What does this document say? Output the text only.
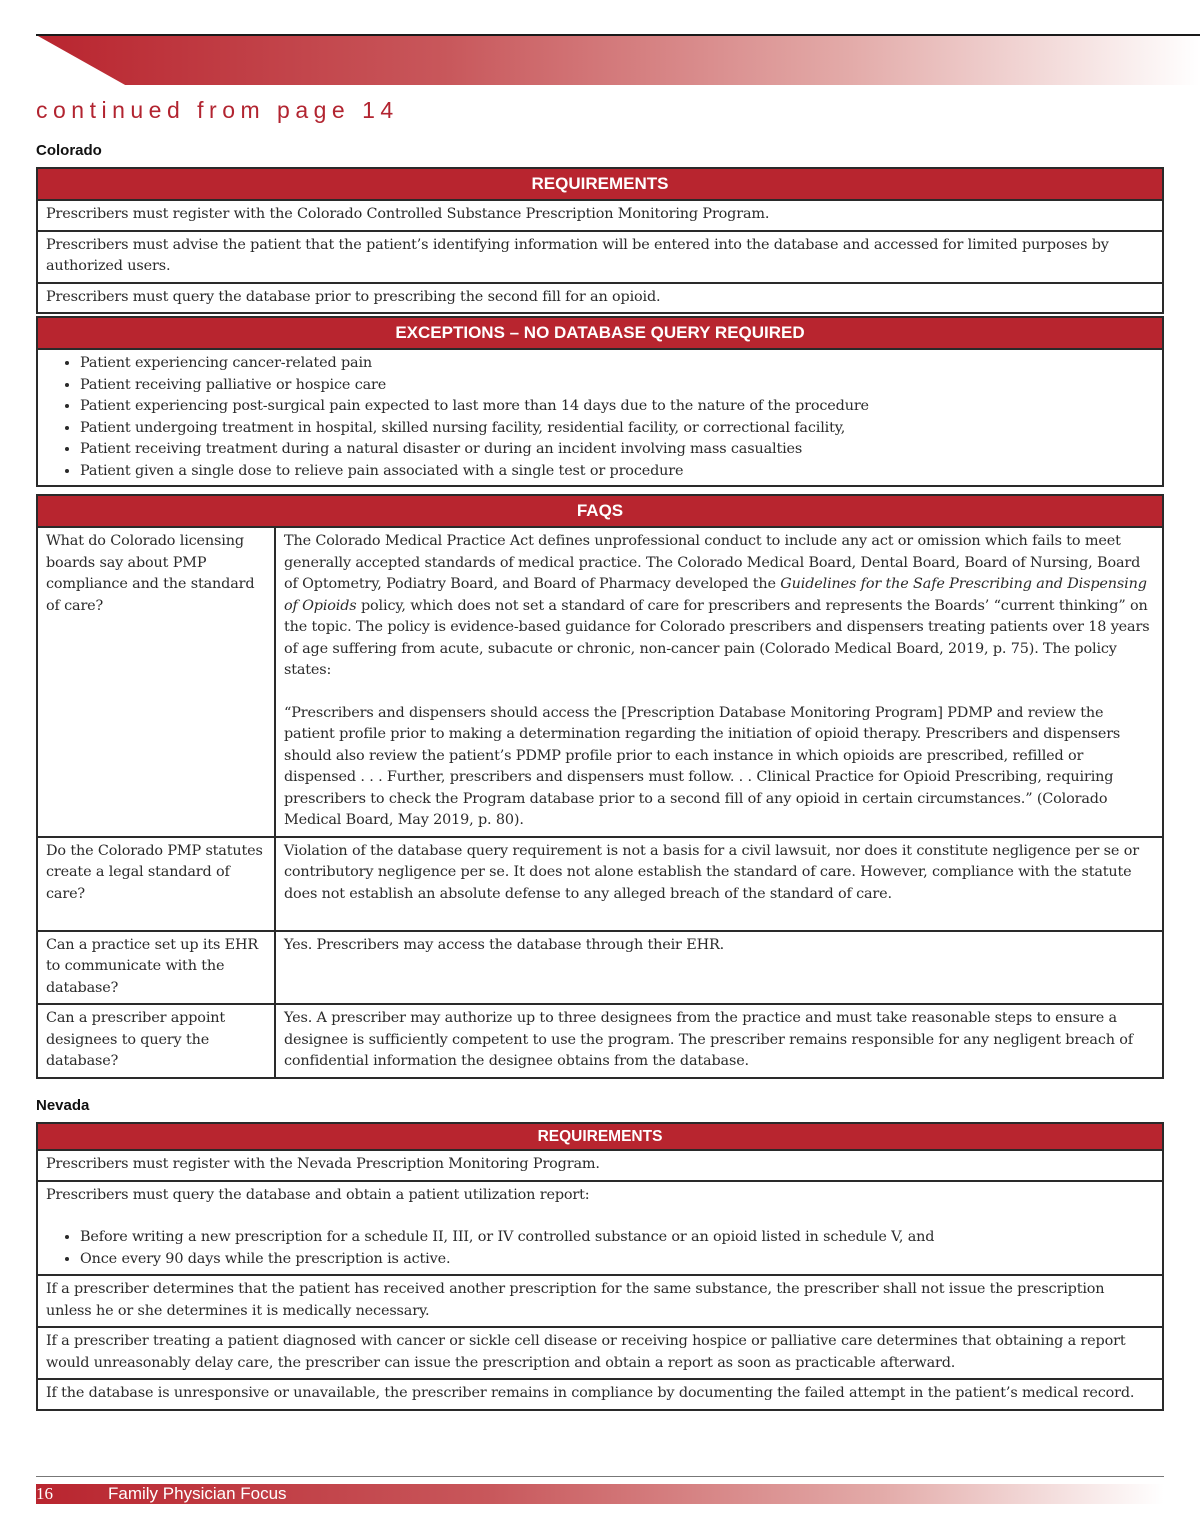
continued from page 14
Colorado
REQUIREMENTS
Prescribers must register with the Colorado Controlled Substance Prescription Monitoring Program.
Prescribers must advise the patient that the patient’s identifying information will be entered into the database and accessed for limited purposes by authorized users.
Prescribers must query the database prior to prescribing the second fill for an opioid.
EXCEPTIONS – NO DATABASE QUERY REQUIRED

• Patient experiencing cancer-related pain
• Patient receiving palliative or hospice care
• Patient experiencing post-surgical pain expected to last more than 14 days due to the nature of the procedure
• Patient undergoing treatment in hospital, skilled nursing facility, residential facility, or correctional facility,
• Patient receiving treatment during a natural disaster or during an incident involving mass casualties
• Patient given a single dose to relieve pain associated with a single test or procedure
FAQS	
What do Colorado licensing boards say about PMP compliance and the standard of care?	The Colorado Medical Practice Act defines unprofessional conduct to include any act or omission which fails to meet generally accepted standards of medical practice. The Colorado Medical Board, Dental Board, Board of Nursing, Board of Optometry, Podiatry Board, and Board of Pharmacy developed the Guidelines for the Safe Prescribing and Dispensing of Opioids policy, which does not set a standard of care for prescribers and represents the Boards’ “current thinking” on the topic. The policy is evidence-based guidance for Colorado prescribers and dispensers treating patients over 18 years of age suffering from acute, subacute or chronic, non-cancer pain (Colorado Medical Board, 2019, p. 75). The policy states:
“Prescribers and dispensers should access the [Prescription Database Monitoring Program] PDMP and review the patient profile prior to making a determination regarding the initiation of opioid therapy. Prescribers and dispensers should also review the patient’s PDMP profile prior to each instance in which opioids are prescribed, refilled or dispensed . . . Further, prescribers and dispensers must follow. . . Clinical Practice for Opioid Prescribing, requiring prescribers to check the Program database prior to a second fill of any opioid in certain circumstances.” (Colorado Medical Board, May 2019, p. 80).

Do the Colorado PMP statutes create a legal standard of care?	Violation of the database query requirement is not a basis for a civil lawsuit, nor does it constitute negligence per se or contributory negligence per se. It does not alone establish the standard of care. However, compliance with the statute does not establish an absolute defense to any alleged breach of the standard of care.
Can a practice set up its EHR to communicate with the database?	Yes. Prescribers may access the database through their EHR.
Can a prescriber appoint designees to query the database?	Yes. A prescriber may authorize up to three designees from the practice and must take reasonable steps to ensure a designee is sufficiently competent to use the program. The prescriber remains responsible for any negligent breach of confidential information the designee obtains from the database.
Nevada
REQUIREMENTS
Prescribers must register with the Nevada Prescription Monitoring Program.

Prescribers must query the database and obtain a patient utilization report:
• Before writing a new prescription for a schedule II, III, or IV controlled substance or an opioid listed in schedule V, and
• Once every 90 days while the prescription is active.

If a prescriber determines that the patient has received another prescription for the same substance, the prescriber shall not issue the prescription unless he or she determines it is medically necessary.
If a prescriber treating a patient diagnosed with cancer or sickle cell disease or receiving hospice or palliative care determines that obtaining a report would unreasonably delay care, the prescriber can issue the prescription and obtain a report as soon as practicable afterward.
If the database is unresponsive or unavailable, the prescriber remains in compliance by documenting the failed attempt in the patient’s medical record.
16	Family Physician Focus
